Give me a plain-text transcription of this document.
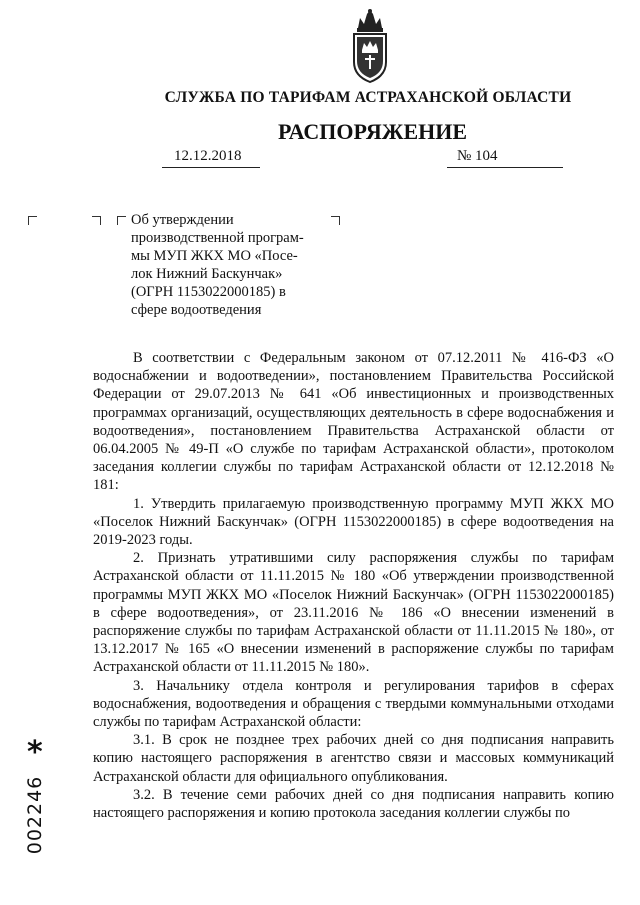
СЛУЖБА ПО ТАРИФАМ АСТРАХАНСКОЙ ОБЛАСТИ
РАСПОРЯЖЕНИЕ
12.12.2018	№ 104
Об утверждении
производственной програм-
мы МУП ЖКХ МО «Посе-
лок Нижний Баскунчак»
(ОГРН 1153022000185) в
сфере водоотведения

В соответствии с Федеральным законом от 07.12.2011 № 416-ФЗ «О водоснабжении и водоотведении», постановлением Правительства Российской Федерации от 29.07.2013 № 641 «Об инвестиционных и производственных программах организаций, осуществляющих деятельность в сфере водоснабжения и водоотведения», постановлением Правительства Астраханской области от 06.04.2005 № 49-П «О службе по тарифам Астраханской области», протоколом заседания коллегии службы по тарифам Астраханской области от 12.12.2018 № 181:

1. Утвердить прилагаемую производственную программу МУП ЖКХ МО «Поселок Нижний Баскунчак» (ОГРН 1153022000185) в сфере водоотведения на 2019-2023 годы.

2. Признать утратившими силу распоряжения службы по тарифам Астраханской области от 11.11.2015 № 180 «Об утверждении производственной программы МУП ЖКХ МО «Поселок Нижний Баскунчак» (ОГРН 1153022000185) в сфере водоотведения», от 23.11.2016 № 186 «О внесении изменений в распоряжение службы по тарифам Астраханской области от 11.11.2015 № 180», от 13.12.2017 № 165 «О внесении изменений в распоряжение службы по тарифам Астраханской области от 11.11.2015 № 180».

3. Начальнику отдела контроля и регулирования тарифов в сферах водоснабжения, водоотведения и обращения с твердыми коммунальными отходами службы по тарифам Астраханской области:

3.1. В срок не позднее трех рабочих дней со дня подписания направить копию настоящего распоряжения в агентство связи и массовых коммуникаций Астраханской области для официального опубликования.

3.2. В течение семи рабочих дней со дня подписания направить копию настоящего распоряжения и копию протокола заседания коллегии службы по

*
002246
